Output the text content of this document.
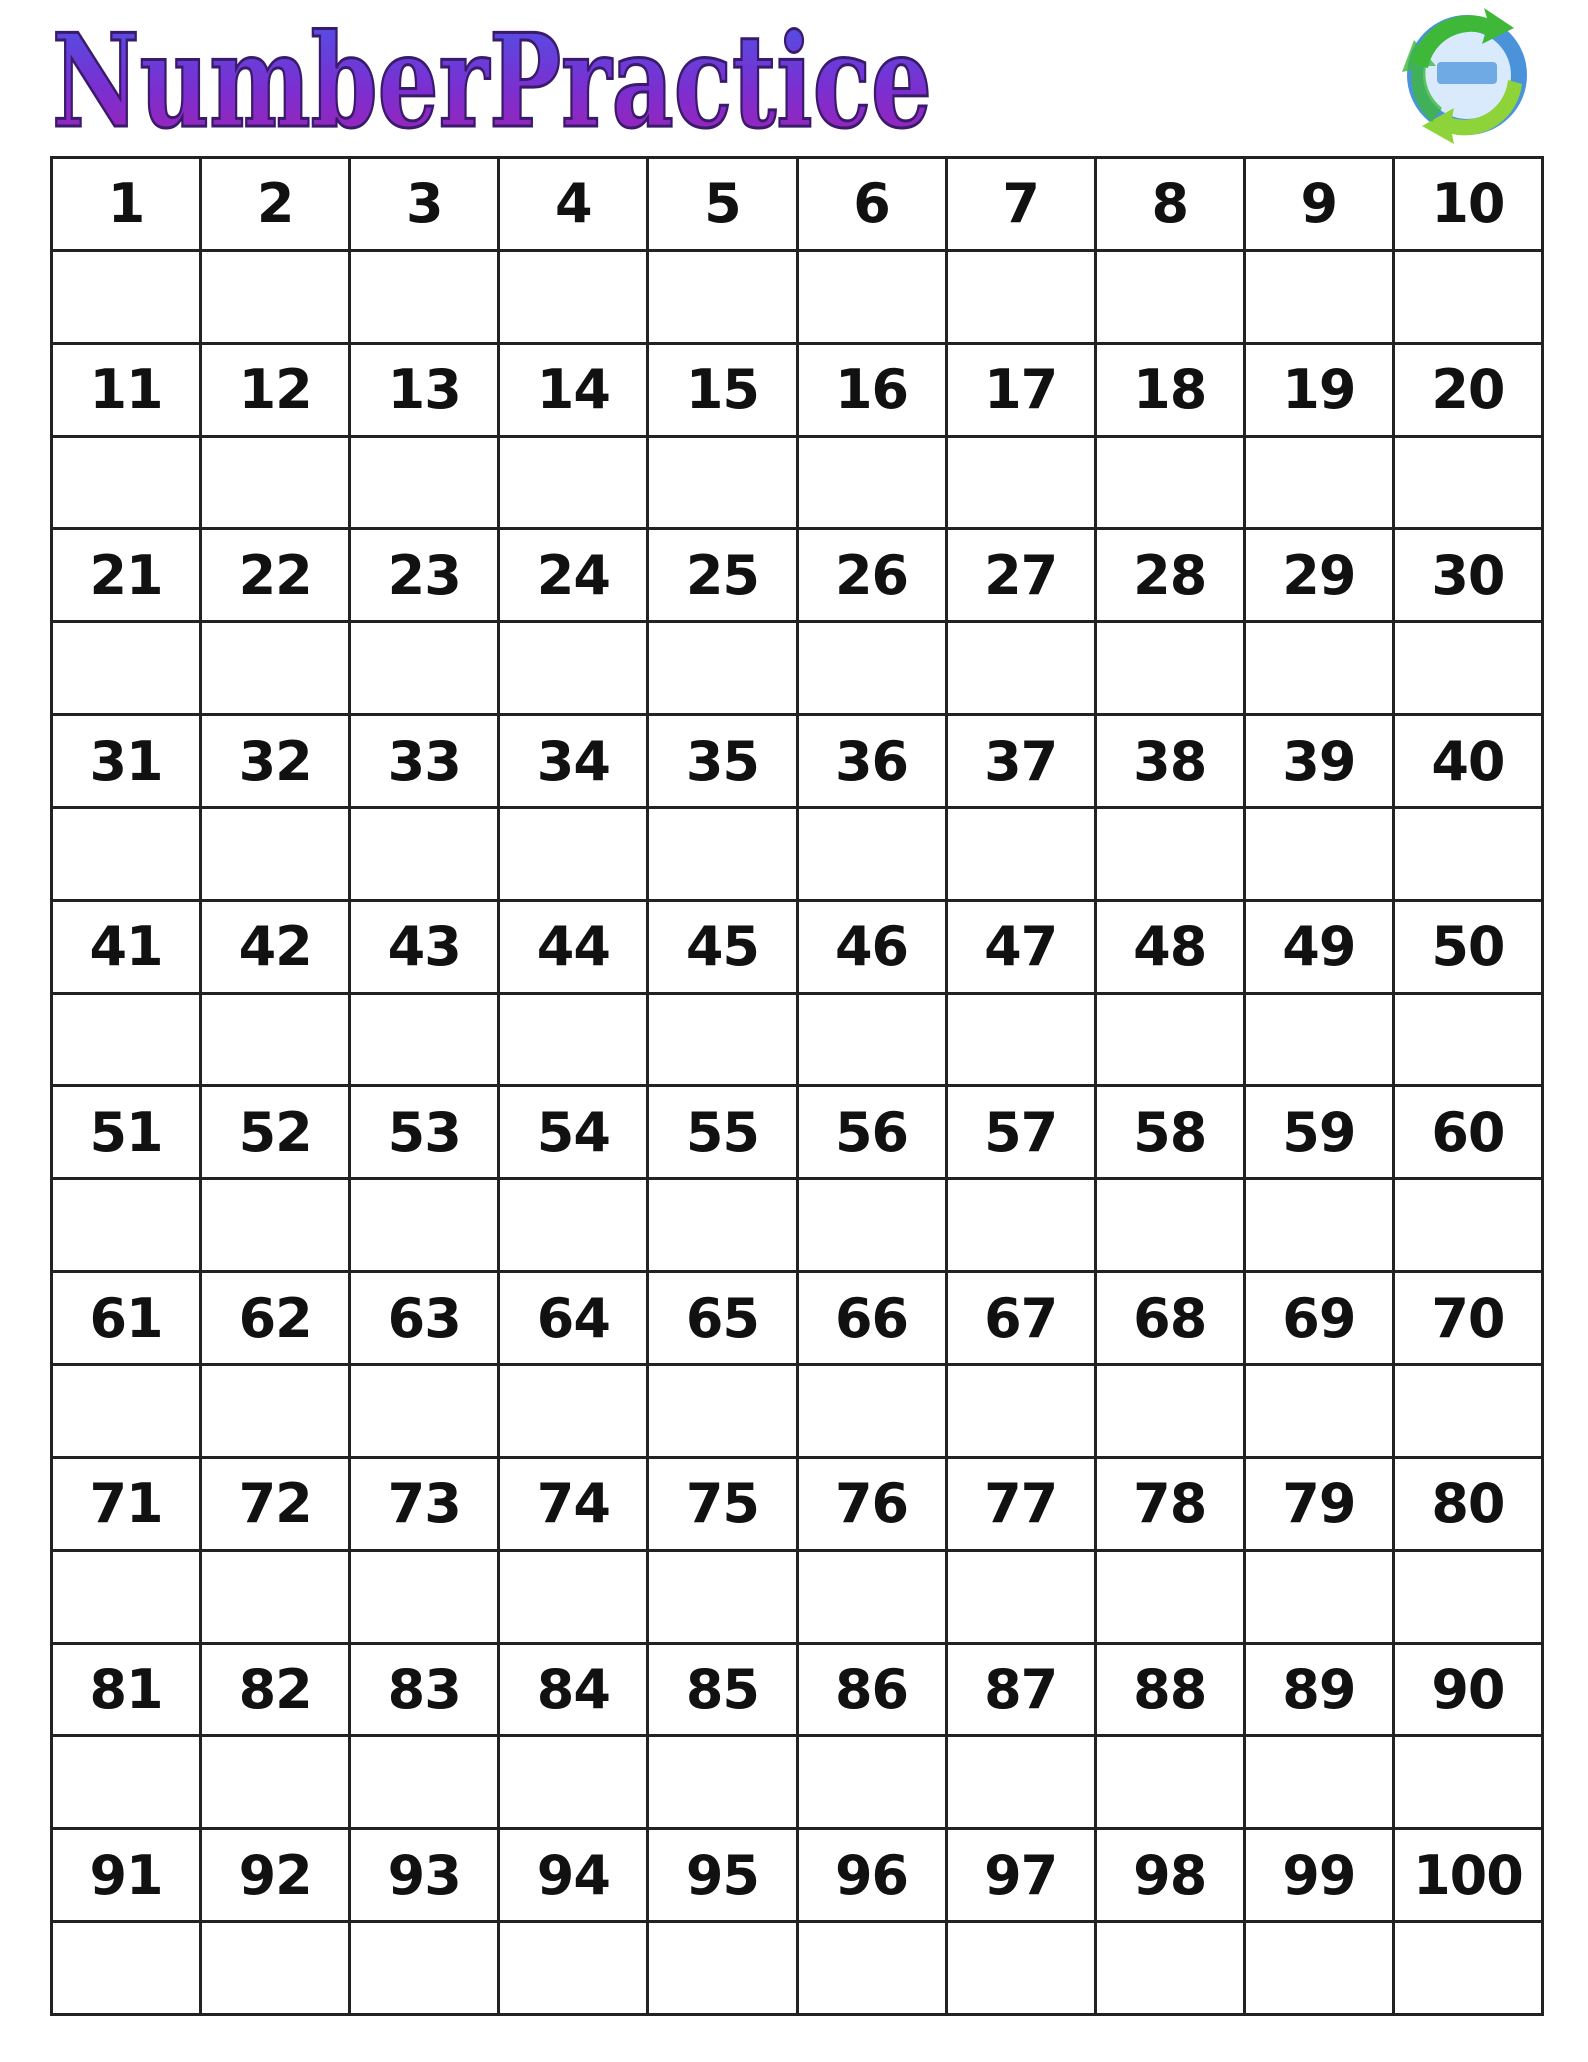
NumberPractice
1	2	3	4	5	6	7	8	9	10
11	12	13	14	15	16	17	18	19	20
21	22	23	24	25	26	27	28	29	30
31	32	33	34	35	36	37	38	39	40
41	42	43	44	45	46	47	48	49	50
51	52	53	54	55	56	57	58	59	60
61	62	63	64	65	66	67	68	69	70
71	72	73	74	75	76	77	78	79	80
81	82	83	84	85	86	87	88	89	90
91	92	93	94	95	96	97	98	99	100
